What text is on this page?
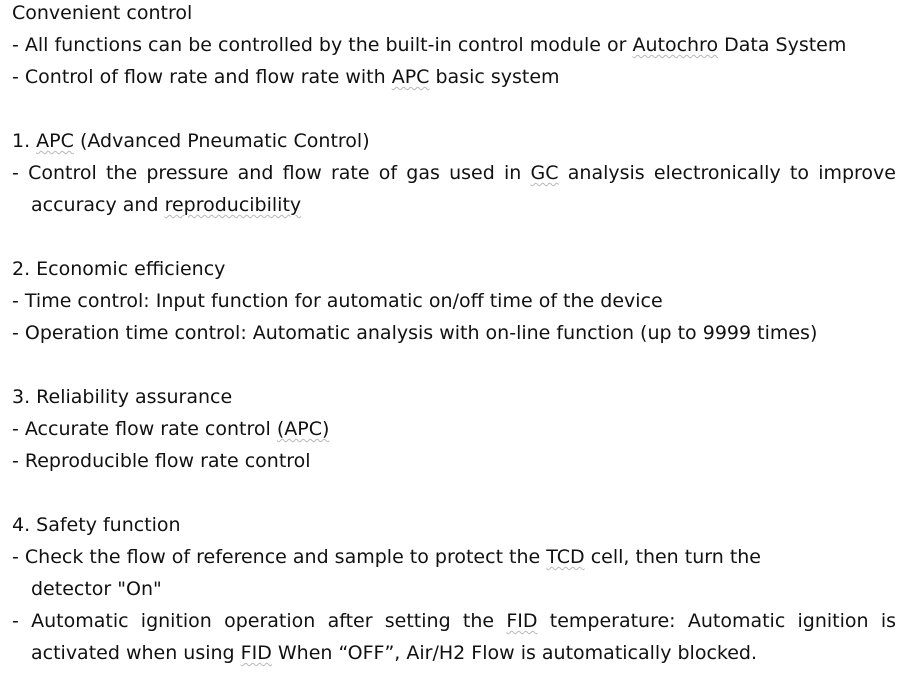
Convenient control
- All functions can be controlled by the built-in control module or Autochro Data System
- Control of flow rate and flow rate with APC basic system
1. APC (Advanced Pneumatic Control)
- Control the pressure and flow rate of gas used in GC analysis electronically to improve
accuracy and reproducibility
2. Economic efficiency
- Time control: Input function for automatic on/off time of the device
- Operation time control: Automatic analysis with on-line function (up to 9999 times)
3. Reliability assurance
- Accurate flow rate control (APC)
- Reproducible flow rate control
4. Safety function
- Check the flow of reference and sample to protect the TCD cell, then turn the
detector "On"
- Automatic ignition operation after setting the FID temperature: Automatic ignition is
activated when using FID When “OFF”, Air/H2 Flow is automatically blocked.
